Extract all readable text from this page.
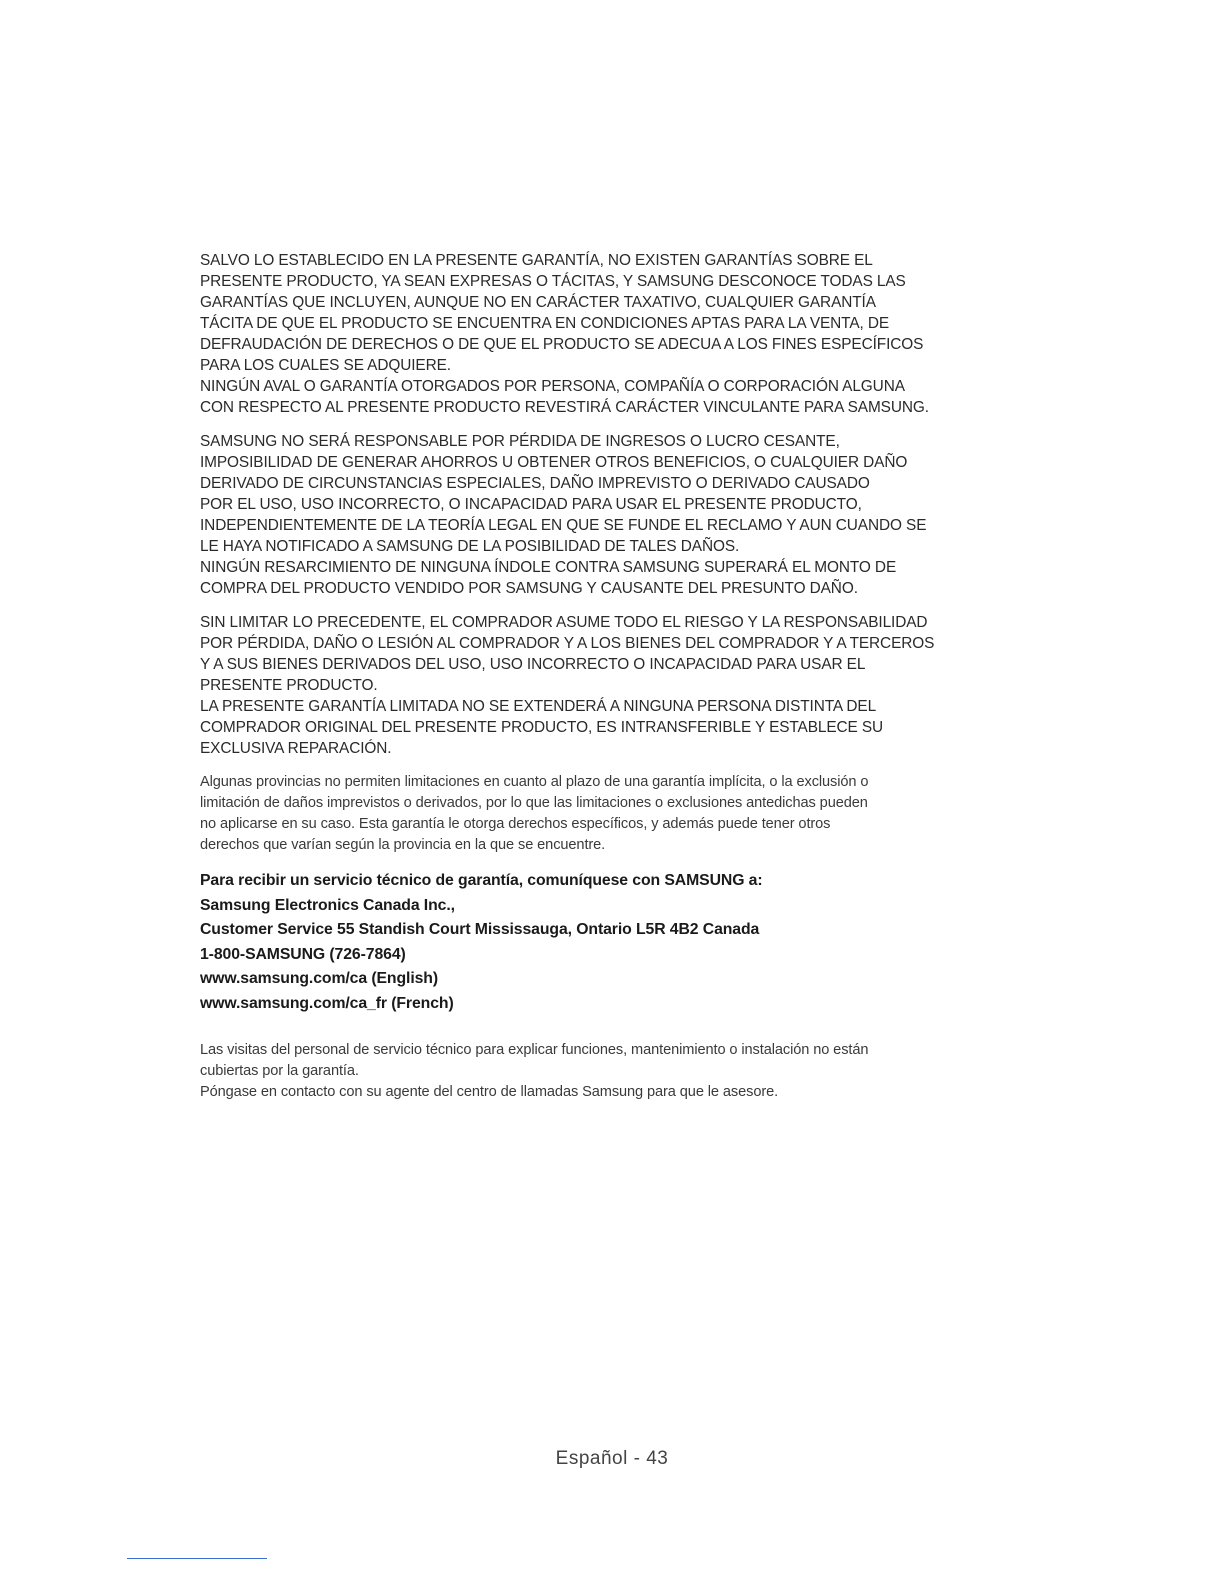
SALVO LO ESTABLECIDO EN LA PRESENTE GARANTÍA, NO EXISTEN GARANTÍAS SOBRE EL
PRESENTE PRODUCTO, YA SEAN EXPRESAS O TÁCITAS, Y SAMSUNG DESCONOCE TODAS LAS
GARANTÍAS QUE INCLUYEN, AUNQUE NO EN CARÁCTER TAXATIVO, CUALQUIER GARANTÍA
TÁCITA DE QUE EL PRODUCTO SE ENCUENTRA EN CONDICIONES APTAS PARA LA VENTA, DE
DEFRAUDACIÓN DE DERECHOS O DE QUE EL PRODUCTO SE ADECUA A LOS FINES ESPECÍFICOS
PARA LOS CUALES SE ADQUIERE.
NINGÚN AVAL O GARANTÍA OTORGADOS POR PERSONA, COMPAÑÍA O CORPORACIÓN ALGUNA
CON RESPECTO AL PRESENTE PRODUCTO REVESTIRÁ CARÁCTER VINCULANTE PARA SAMSUNG.
SAMSUNG NO SERÁ RESPONSABLE POR PÉRDIDA DE INGRESOS O LUCRO CESANTE,
IMPOSIBILIDAD DE GENERAR AHORROS U OBTENER OTROS BENEFICIOS, O CUALQUIER DAÑO
DERIVADO DE CIRCUNSTANCIAS ESPECIALES, DAÑO IMPREVISTO O DERIVADO CAUSADO
POR EL USO, USO INCORRECTO, O INCAPACIDAD PARA USAR EL PRESENTE PRODUCTO,
INDEPENDIENTEMENTE DE LA TEORÍA LEGAL EN QUE SE FUNDE EL RECLAMO Y AUN CUANDO SE
LE HAYA NOTIFICADO A SAMSUNG DE LA POSIBILIDAD DE TALES DAÑOS.
NINGÚN RESARCIMIENTO DE NINGUNA ÍNDOLE CONTRA SAMSUNG SUPERARÁ EL MONTO DE
COMPRA DEL PRODUCTO VENDIDO POR SAMSUNG Y CAUSANTE DEL PRESUNTO DAÑO.
SIN LIMITAR LO PRECEDENTE, EL COMPRADOR ASUME TODO EL RIESGO Y LA RESPONSABILIDAD
POR PÉRDIDA, DAÑO O LESIÓN AL COMPRADOR Y A LOS BIENES DEL COMPRADOR Y A TERCEROS
Y A SUS BIENES DERIVADOS DEL USO, USO INCORRECTO O INCAPACIDAD PARA USAR EL
PRESENTE PRODUCTO.
LA PRESENTE GARANTÍA LIMITADA NO SE EXTENDERÁ A NINGUNA PERSONA DISTINTA DEL
COMPRADOR ORIGINAL DEL PRESENTE PRODUCTO, ES INTRANSFERIBLE Y ESTABLECE SU
EXCLUSIVA REPARACIÓN.
Algunas provincias no permiten limitaciones en cuanto al plazo de una garantía implícita, o la exclusión o
limitación de daños imprevistos o derivados, por lo que las limitaciones o exclusiones antedichas pueden
no aplicarse en su caso. Esta garantía le otorga derechos específicos, y además puede tener otros
derechos que varían según la provincia en la que se encuentre.
Para recibir un servicio técnico de garantía, comuníquese con SAMSUNG a:
Samsung Electronics Canada Inc.,
Customer Service 55 Standish Court Mississauga, Ontario L5R 4B2 Canada
1-800-SAMSUNG (726-7864)
www.samsung.com/ca (English)
www.samsung.com/ca_fr (French)
Las visitas del personal de servicio técnico para explicar funciones, mantenimiento o instalación no están
cubiertas por la garantía.
Póngase en contacto con su agente del centro de llamadas Samsung para que le asesore.
Español - 43
